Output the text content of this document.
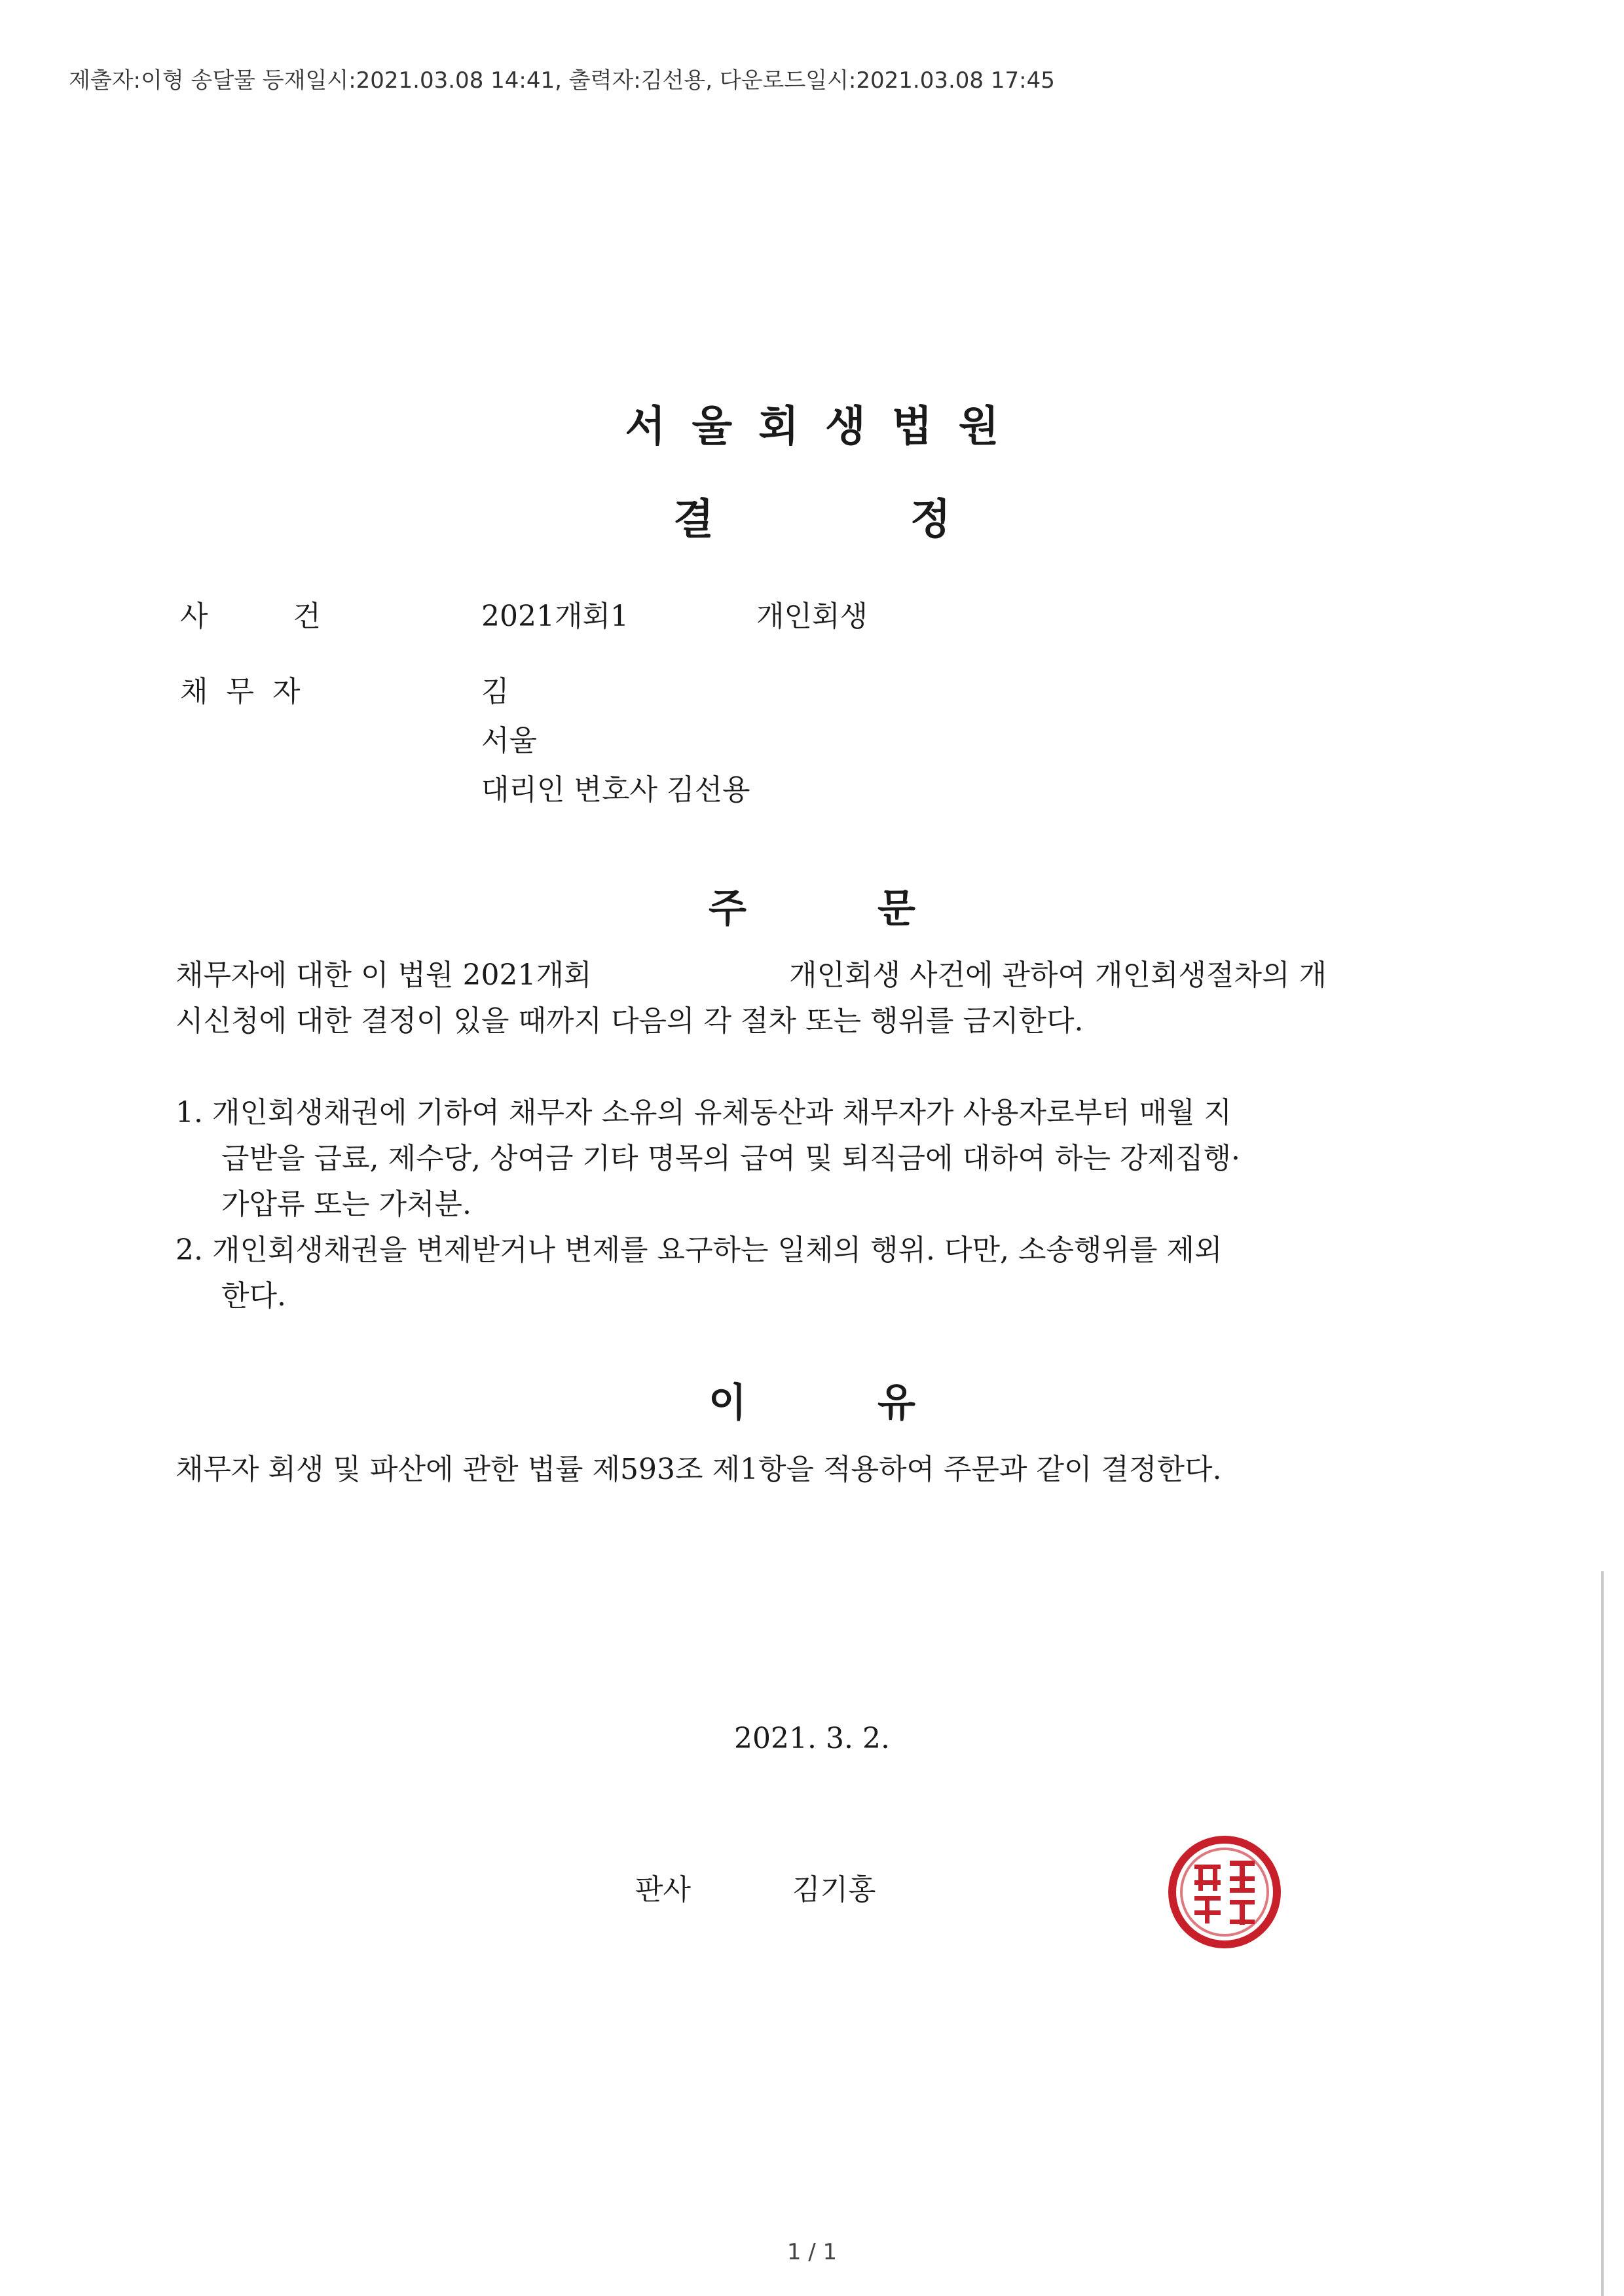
제출자:이형 송달물 등재일시:2021.03.08 14:41, 출력자:김선용, 다운로드일시:2021.03.08 17:45
서울회생법원
결정
사       건	2021개회1	개인회생
채  무  자	김
서울
대리인 변호사 김선용
주문
채무자에 대한 이 법원 2021개회	개인회생 사건에 관하여 개인회생절차의 개
시신청에 대한 결정이 있을 때까지 다음의 각 절차 또는 행위를 금지한다.
1. 개인회생채권에 기하여 채무자 소유의 유체동산과 채무자가 사용자로부터 매월 지
급받을 급료, 제수당, 상여금 기타 명목의 급여 및 퇴직금에 대하여 하는 강제집행·
가압류 또는 가처분.
2. 개인회생채권을 변제받거나 변제를 요구하는 일체의 행위. 다만, 소송행위를 제외
한다.
이유
채무자 회생 및 파산에 관한 법률 제593조 제1항을 적용하여 주문과 같이 결정한다.
2021. 3. 2.
판사	김기홍
1 / 1
